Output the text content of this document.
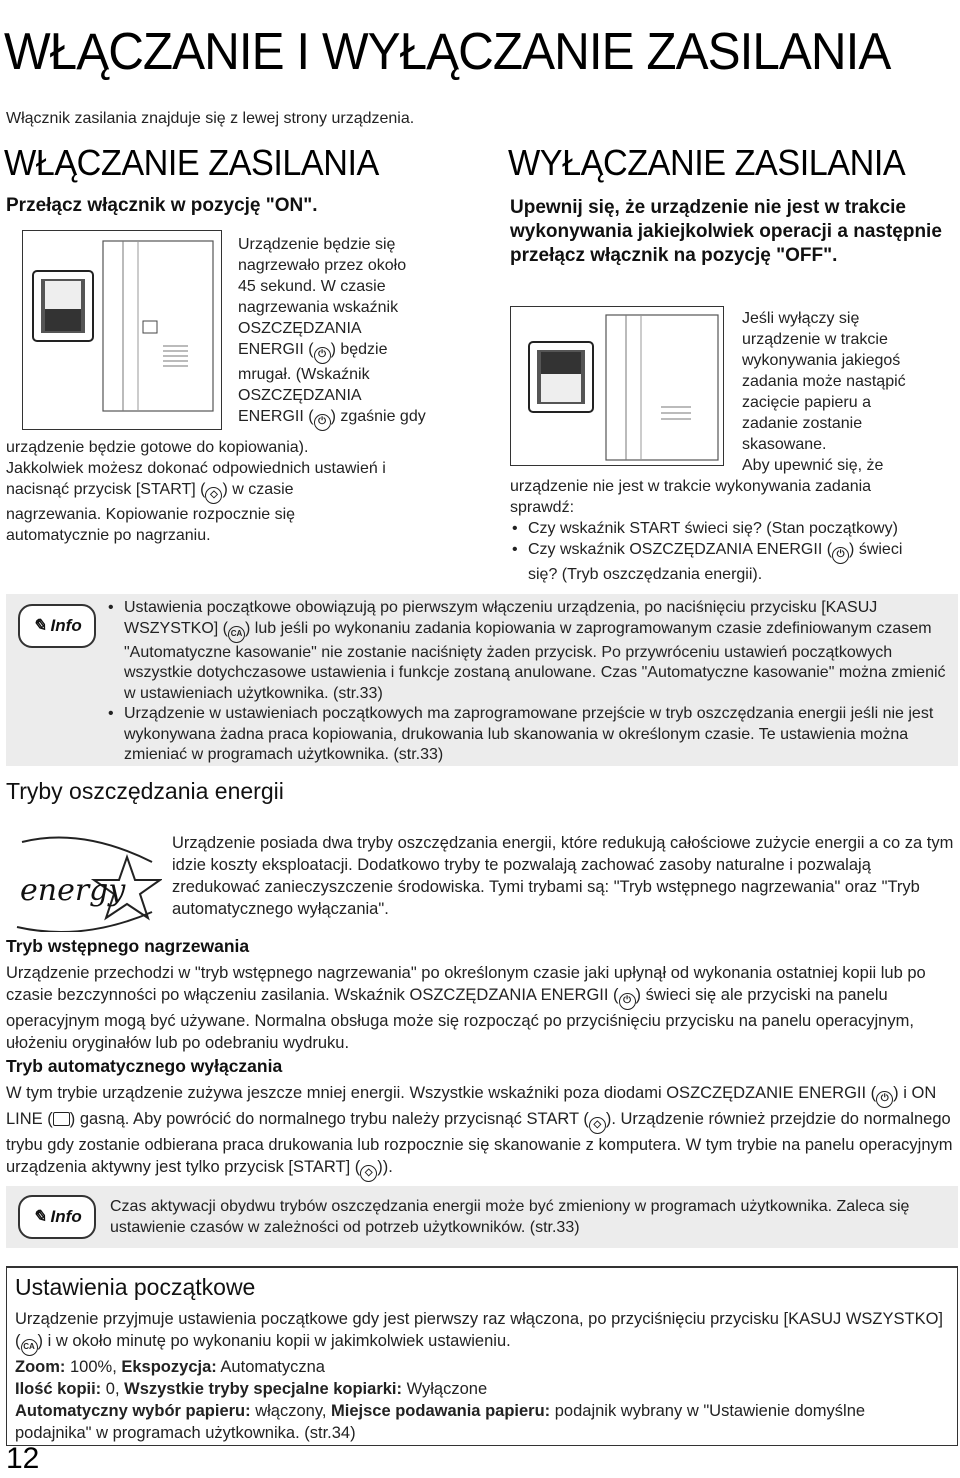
WŁĄCZANIE I WYŁĄCZANIE ZASILANIA
Włącznik zasilania znajduje się z lewej strony urządzenia.
WŁĄCZANIE ZASILANIA
Przełącz włącznik w pozycję "ON".
Urządzenie będzie się
nagrzewało przez około
45 sekund. W czasie
nagrzewania wskaźnik
OSZCZĘDZANIA
ENERGII ( ⏻ ) będzie
mrugał. (Wskaźnik
OSZCZĘDZANIA
ENERGII ( ⏻ ) zgaśnie gdy
urządzenie będzie gotowe do kopiowania).
Jakkolwiek możesz dokonać odpowiednich ustawień i
nacisnąć przycisk [START] ( ◇ ) w czasie
nagrzewania. Kopiowanie rozpocznie się
automatycznie po nagrzaniu.
WYŁĄCZANIE ZASILANIA
Upewnij się, że urządzenie nie jest w trakcie wykonywania jakiejkolwiek operacji a następnie przełącz włącznik na pozycję "OFF".
Jeśli wyłączy się
urządzenie w trakcie
wykonywania jakiegoś
zadania może nastąpić
zacięcie papieru a
zadanie zostanie
skasowane.
Aby upewnić się, że
urządzenie nie jest w trakcie wykonywania zadania
sprawdź:
• Czy wskaźnik START świeci się? (Stan początkowy)
• Czy wskaźnik OSZCZĘDZANIA ENERGII ( ⏻ ) świeci
się? (Tryb oszczędzania energii).
✎ Info
• Ustawienia początkowe obowiązują po pierwszym włączeniu urządzenia, po naciśnięciu przycisku [KASUJ WSZYSTKO] ( CA ) lub jeśli po wykonaniu zadania kopiowania w zaprogramowanym czasie zdefiniowanym czasem "Automatyczne kasowanie" nie zostanie naciśnięty żaden przycisk. Po przywróceniu ustawień początkowych wszystkie dotychczasowe ustawienia i funkcje zostaną anulowane. Czas "Automatyczne kasowanie" można zmienić w ustawieniach użytkownika. (str.33)
• Urządzenie w ustawieniach początkowych ma zaprogramowane przejście w tryb oszczędzania energii jeśli nie jest wykonywana żadna praca kopiowania, drukowania lub skanowania w określonym czasie. Te ustawienia można zmieniać w programach użytkownika. (str.33)
Tryby oszczędzania energii
energy
Urządzenie posiada dwa tryby oszczędzania energii, które redukują całościowe zużycie energii a co za tym idzie koszty eksploatacji. Dodatkowo tryby te pozwalają zachować zasoby naturalne i pozwalają zredukować zanieczyszczenie środowiska. Tymi trybami są: "Tryb wstępnego nagrzewania" oraz "Tryb automatycznego wyłączania".
Tryb wstępnego nagrzewania
Urządzenie przechodzi w "tryb wstępnego nagrzewania" po określonym czasie jaki upłynął od wykonania ostatniej kopii lub po czasie bezczynności po włączeniu zasilania. Wskaźnik OSZCZĘDZANIA ENERGII ( ⏻ ) świeci się ale przyciski na panelu operacyjnym mogą być używane. Normalna obsługa może się rozpocząć po przyciśnięciu przycisku na panelu operacyjnym, ułożeniu oryginałów lub po odebraniu wydruku.
Tryb automatycznego wyłączania
W tym trybie urządzenie zużywa jeszcze mniej energii. Wszystkie wskaźniki poza diodami OSZCZĘDZANIE ENERGII ( ⏻ ) i ON LINE ( ) gasną. Aby powrócić do normalnego trybu należy przycisnąć START ( ◇ ). Urządzenie również przejdzie do normalnego trybu gdy zostanie odbierana praca drukowania lub rozpocznie się skanowanie z komputera. W tym trybie na panelu operacyjnym urządzenia aktywny jest tylko przycisk [START] ( ◇ )).
✎ Info
Czas aktywacji obydwu trybów oszczędzania energii może być zmieniony w programach użytkownika. Zaleca się ustawienie czasów w zależności od potrzeb użytkowników. (str.33)
Ustawienia początkowe
Urządzenie przyjmuje ustawienia początkowe gdy jest pierwszy raz włączona, po przyciśnięciu przycisku [KASUJ WSZYSTKO] ( CA ) i w około minutę po wykonaniu kopii w jakimkolwiek ustawieniu.
Zoom: 100%, Ekspozycja: Automatyczna
Ilość kopii: 0, Wszystkie tryby specjalne kopiarki: Wyłączone
Automatyczny wybór papieru: włączony, Miejsce podawania papieru: podajnik wybrany w "Ustawienie domyślne podajnika" w programach użytkownika. (str.34)
12
